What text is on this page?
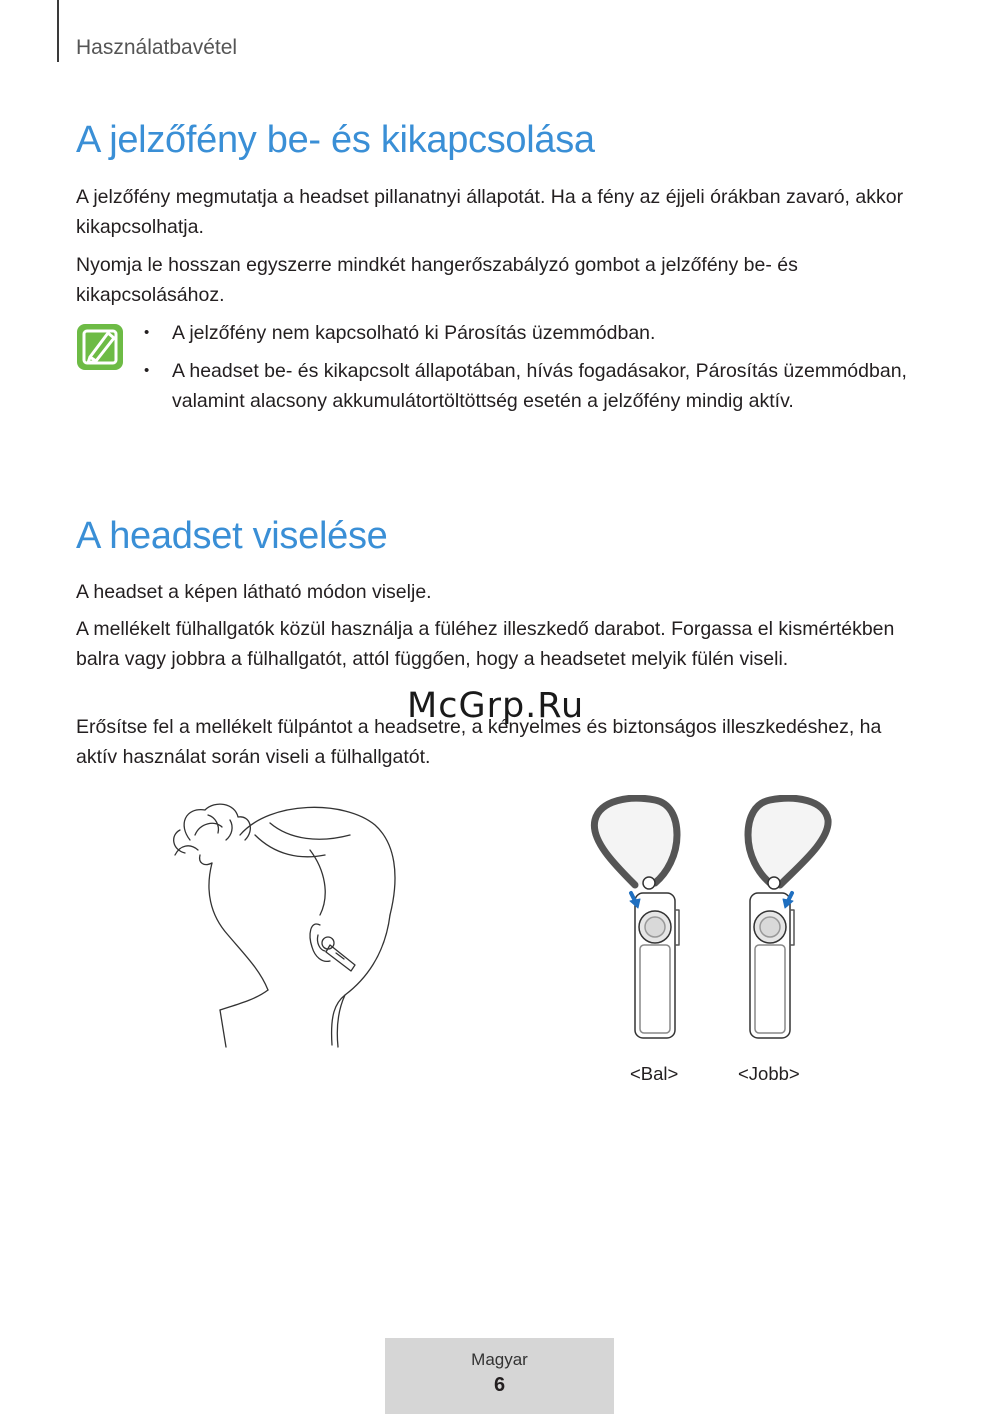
Használatbavétel
A jelzőfény be- és kikapcsolása

A jelzőfény megmutatja a headset pillanatnyi állapotát. Ha a fény az éjjeli órákban zavaró, akkor kikapcsolhatja.

Nyomja le hosszan egyszerre mindkét hangerőszabályzó gombot a jelzőfény be- és kikapcsolásához.

• A jelzőfény nem kapcsolható ki Párosítás üzemmódban.
• A headset be- és kikapcsolt állapotában, hívás fogadásakor, Párosítás üzemmódban, valamint alacsony akkumulátortöltöttség esetén a jelzőfény mindig aktív.
A headset viselése

A headset a képen látható módon viselje.

A mellékelt fülhallgatók közül használja a füléhez illeszkedő darabot. Forgassa el kismértékben balra vagy jobbra a fülhallgatót, attól függően, hogy a headsetet melyik fülén viseli.

Erősítse fel a mellékelt fülpántot a headsetre, a kényelmes és biztonságos illeszkedéshez, ha aktív használat során viseli a fülhallgatót.

McGrp.Ru
<Bal>	<Jobb>
Magyar
6
